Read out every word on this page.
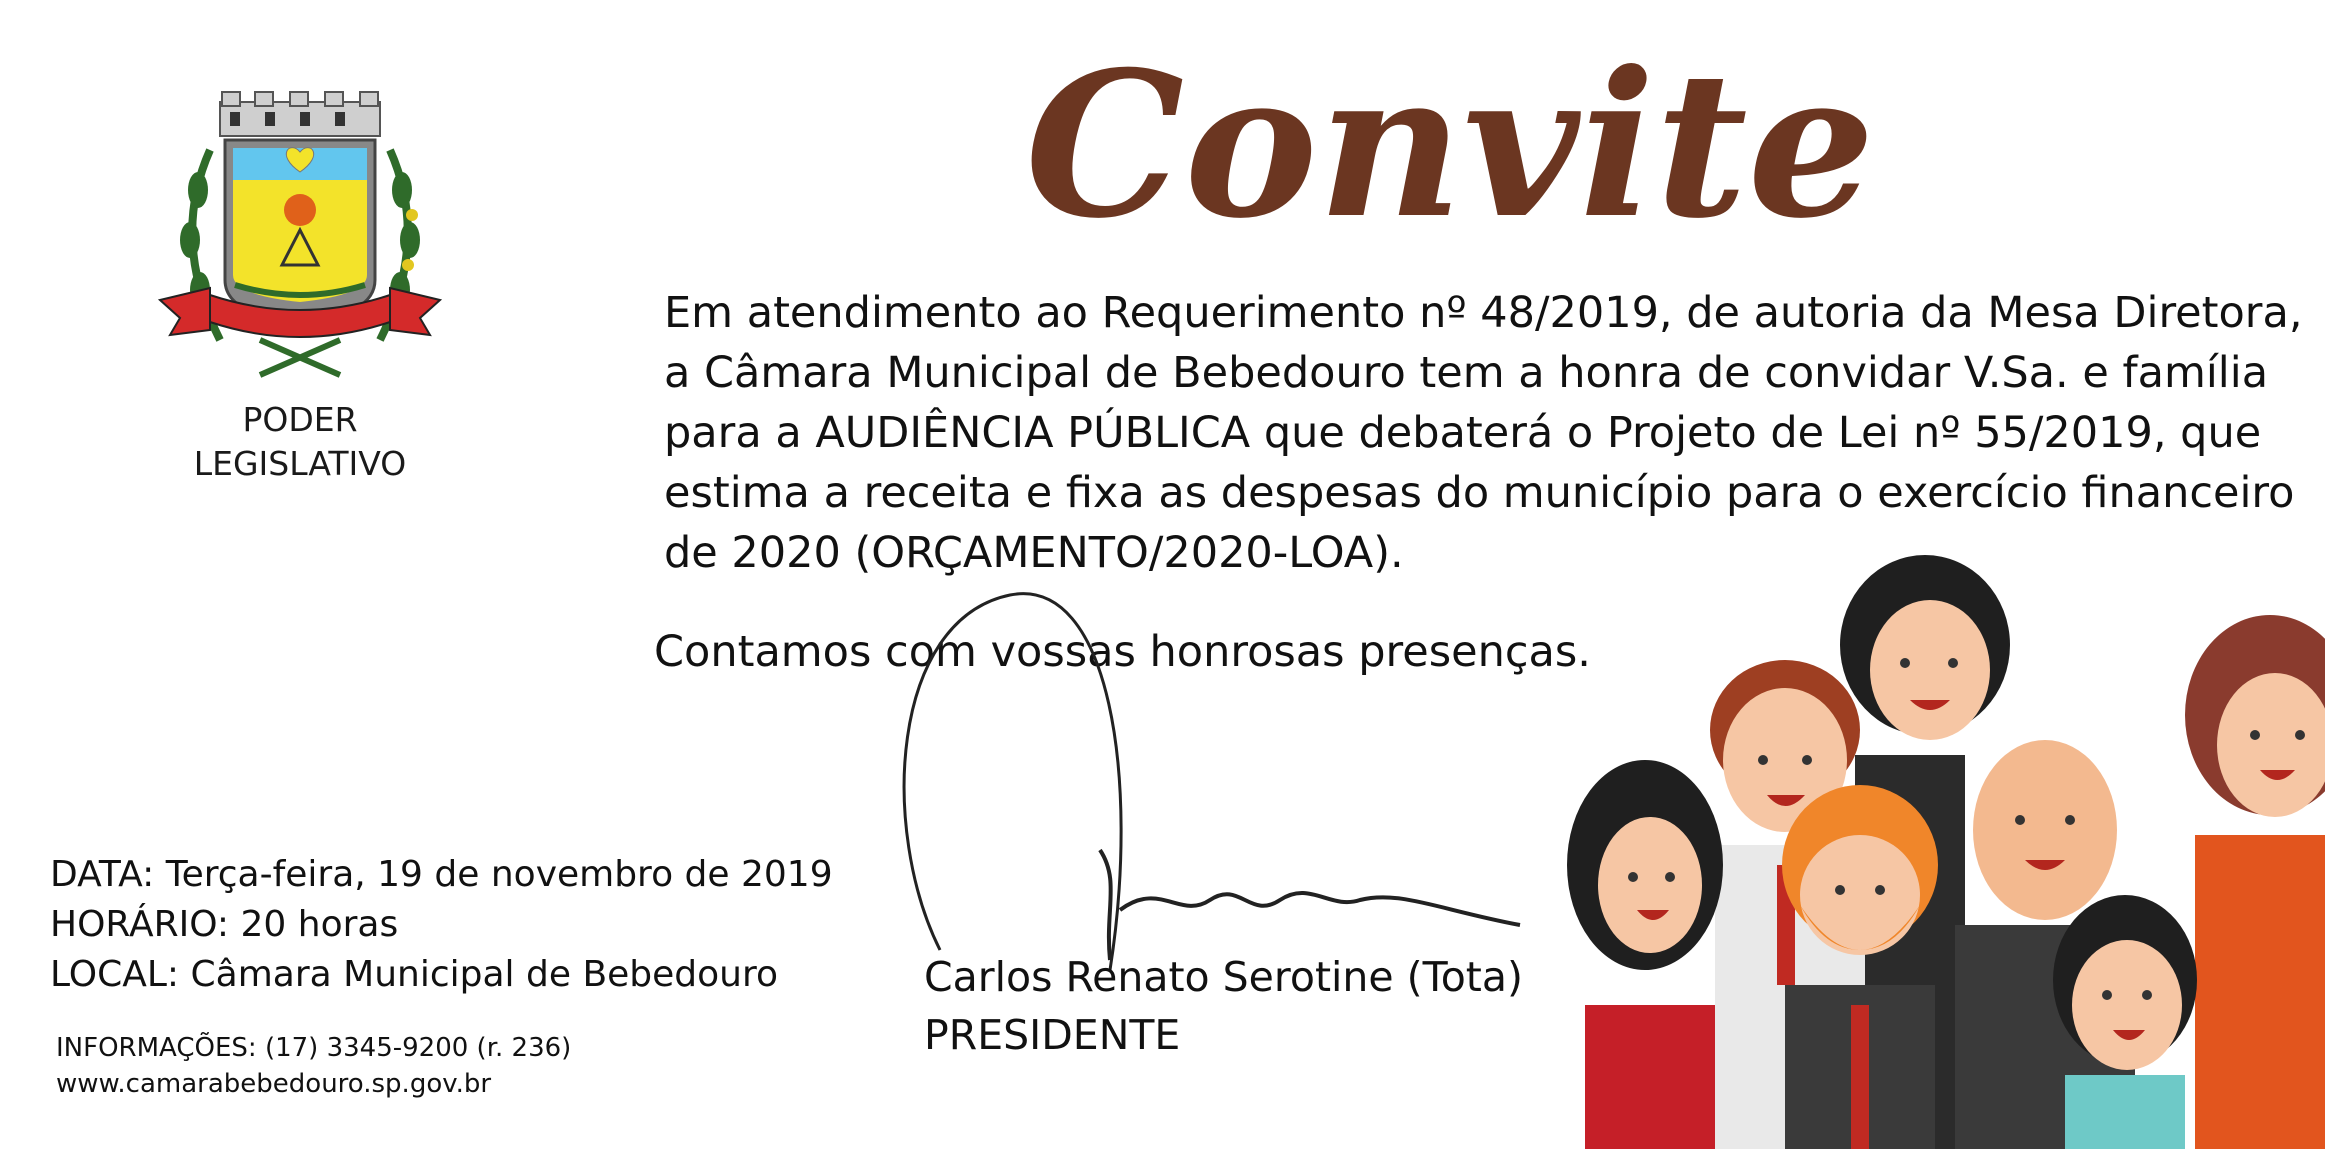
PODER
LEGISLATIVO
Convite
Em atendimento ao Requerimento nº 48/2019, de autoria da Mesa Diretora,
a Câmara Municipal de Bebedouro tem a honra de convidar V.Sa. e família
para a AUDIÊNCIA PÚBLICA que debaterá o Projeto de Lei nº 55/2019, que
estima a receita e fixa as despesas do município para o exercício financeiro
de 2020 (ORÇAMENTO/2020-LOA).
Contamos com vossas honrosas presenças.
Carlos Renato Serotine (Tota)
PRESIDENTE
DATA: Terça-feira, 19 de novembro de 2019
HORÁRIO: 20 horas
LOCAL: Câmara Municipal de Bebedouro
INFORMAÇÕES: (17) 3345-9200 (r. 236)
www.camarabebedouro.sp.gov.br
